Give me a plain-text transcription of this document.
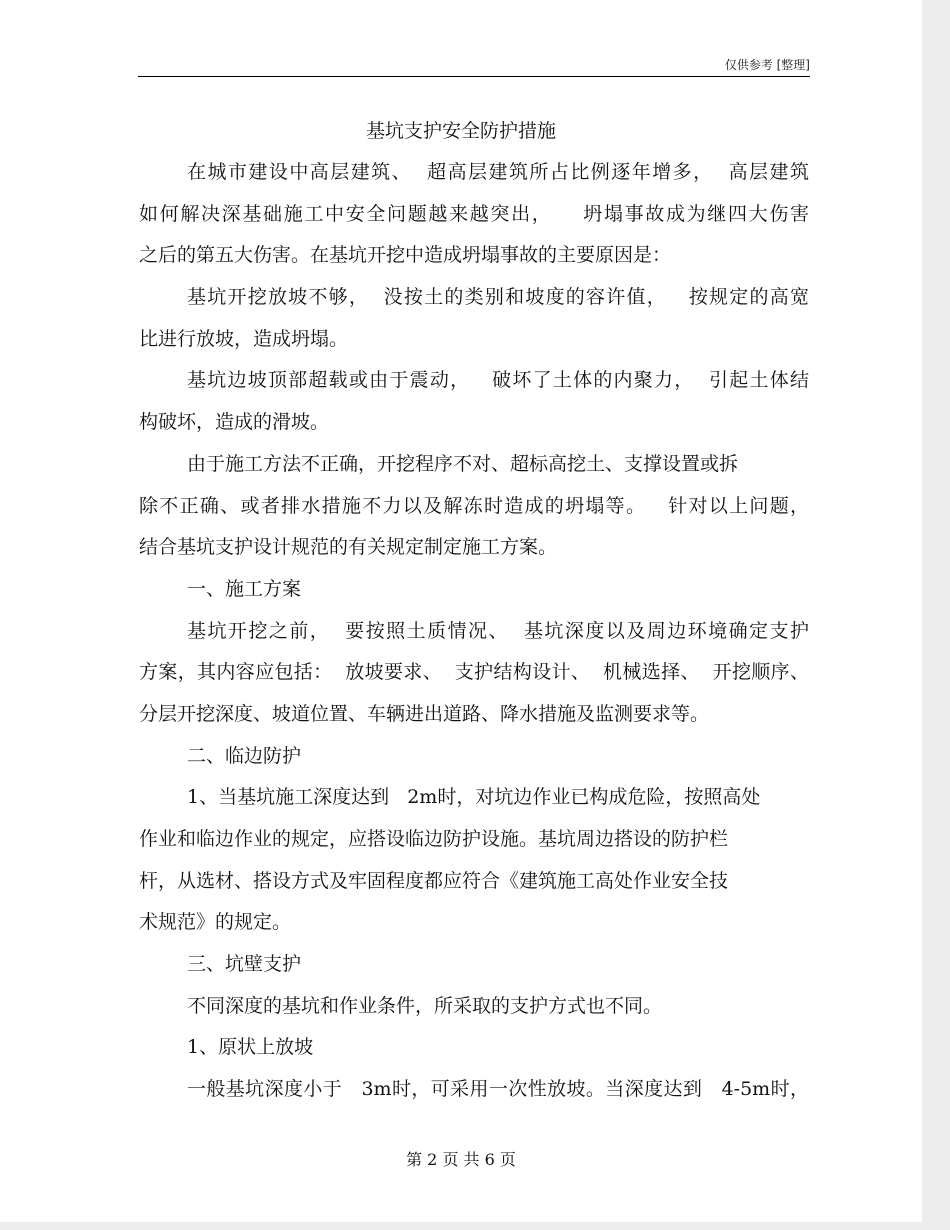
仅供参考 [整理]
基坑支护安全防护措施
在城市建设中高层建筑、  超高层建筑所占比例逐年增多，  高层建筑
如何解决深基础施工中安全问题越来越突出，    坍塌事故成为继四大伤害
之后的第五大伤害。在基坑开挖中造成坍塌事故的主要原因是：
基坑开挖放坡不够，  没按土的类别和坡度的容许值，   按规定的高宽
比进行放坡，造成坍塌。
基坑边坡顶部超载或由于震动，   破坏了土体的内聚力，  引起土体结
构破坏，造成的滑坡。
由于施工方法不正确，开挖程序不对、超标高挖土、支撑设置或拆
除不正确、或者排水措施不力以及解冻时造成的坍塌等。   针对以上问题，
结合基坑支护设计规范的有关规定制定施工方案。
一、施工方案
基坑开挖之前，  要按照土质情况、  基坑深度以及周边环境确定支护
方案，其内容应包括：  放坡要求、  支护结构设计、  机械选择、  开挖顺序、
分层开挖深度、坡道位置、车辆进出道路、降水措施及监测要求等。
二、临边防护
1、当基坑施工深度达到   2m时，对坑边作业已构成危险，按照高处
作业和临边作业的规定，应搭设临边防护设施。基坑周边搭设的防护栏
杆，从选材、搭设方式及牢固程度都应符合《建筑施工高处作业安全技
术规范》的规定。
三、坑壁支护
不同深度的基坑和作业条件，所采取的支护方式也不同。
1、原状上放坡
一般基坑深度小于   3m时，可采用一次性放坡。当深度达到   4-5m时，
第 2 页 共 6 页
